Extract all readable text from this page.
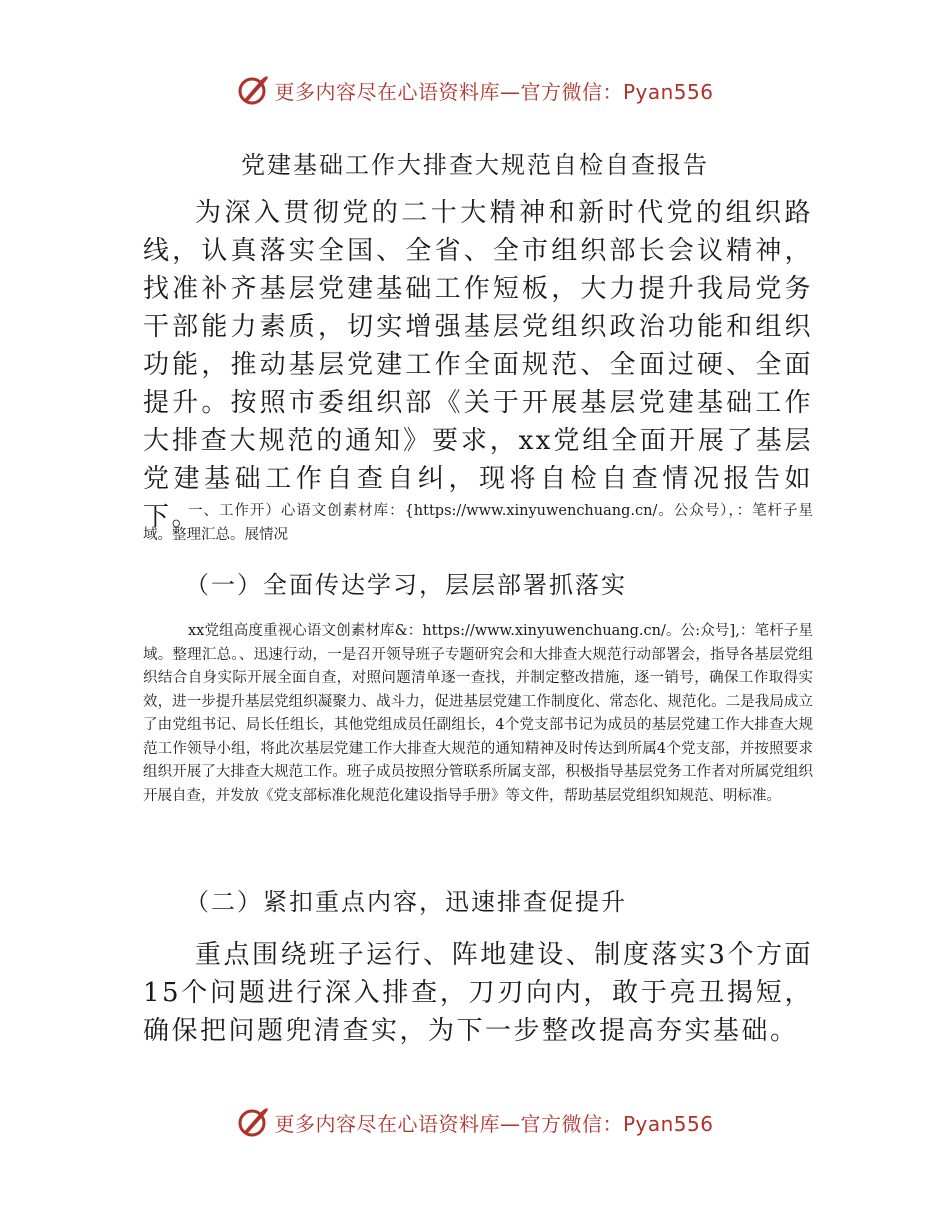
更多内容尽在心语资料库—官方微信：Pyan556
党建基础工作大排查大规范自检自查报告

为深入贯彻党的二十大精神和新时代党的组织路线，认真落实全国、全省、全市组织部长会议精神，找准补齐基层党建基础工作短板，大力提升我局党务干部能力素质，切实增强基层党组织政治功能和组织功能，推动基层党建工作全面规范、全面过硬、全面提升。按照市委组织部《关于开展基层党建基础工作大排查大规范的通知》要求，xx党组全面开展了基层党建基础工作自查自纠，现将自检自查情况报告如下。

一、工作开）心语文创素材库：{https://www.xinyuwenchuang.cn/。公众号），：笔杆子星域。整理汇总。展情况

（一）全面传达学习，层层部署抓落实

xx党组高度重视心语文创素材库&：https://www.xinyuwenchuang.cn/。公:众号],：笔杆子星域。整理汇总。、迅速行动，一是召开领导班子专题研究会和大排查大规范行动部署会，指导各基层党组织结合自身实际开展全面自查，对照问题清单逐一查找，并制定整改措施，逐一销号，确保工作取得实效，进一步提升基层党组织凝聚力、战斗力，促进基层党建工作制度化、常态化、规范化。二是我局成立了由党组书记、局长任组长，其他党组成员任副组长，4个党支部书记为成员的基层党建工作大排查大规范工作领导小组，将此次基层党建工作大排查大规范的通知精神及时传达到所属4个党支部，并按照要求组织开展了大排查大规范工作。班子成员按照分管联系所属支部，积极指导基层党务工作者对所属党组织开展自查，并发放《党支部标准化规范化建设指导手册》等文件，帮助基层党组织知规范、明标准。

（二）紧扣重点内容，迅速排查促提升

重点围绕班子运行、阵地建设、制度落实3个方面15个问题进行深入排查，刀刃向内，敢于亮丑揭短，确保把问题兜清查实，为下一步整改提高夯实基础。

更多内容尽在心语资料库—官方微信：Pyan556
